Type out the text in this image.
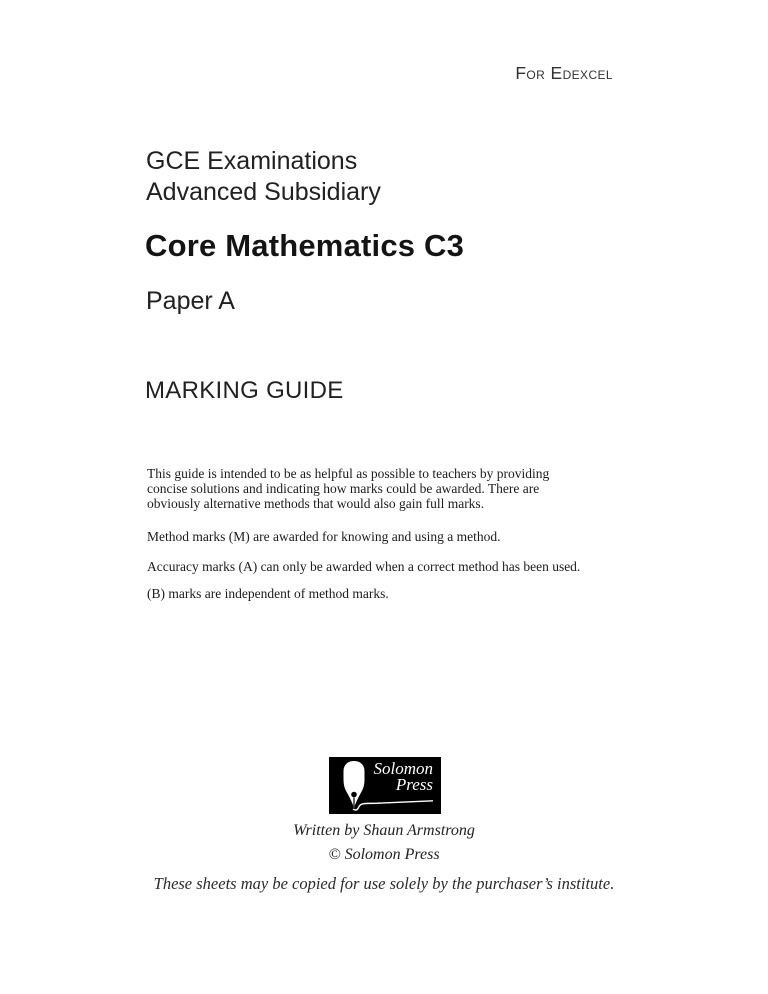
For Edexcel
GCE Examinations
Advanced Subsidiary
Core Mathematics C3
Paper A
MARKING GUIDE
This guide is intended to be as helpful as possible to teachers by providing
concise solutions and indicating how marks could be awarded. There are
obviously alternative methods that would also gain full marks.
Method marks (M) are awarded for knowing and using a method.
Accuracy marks (A) can only be awarded when a correct method has been used.
(B) marks are independent of method marks.
Solomon
Press
Written by Shaun Armstrong
© Solomon Press
These sheets may be copied for use solely by the purchaser’s institute.
